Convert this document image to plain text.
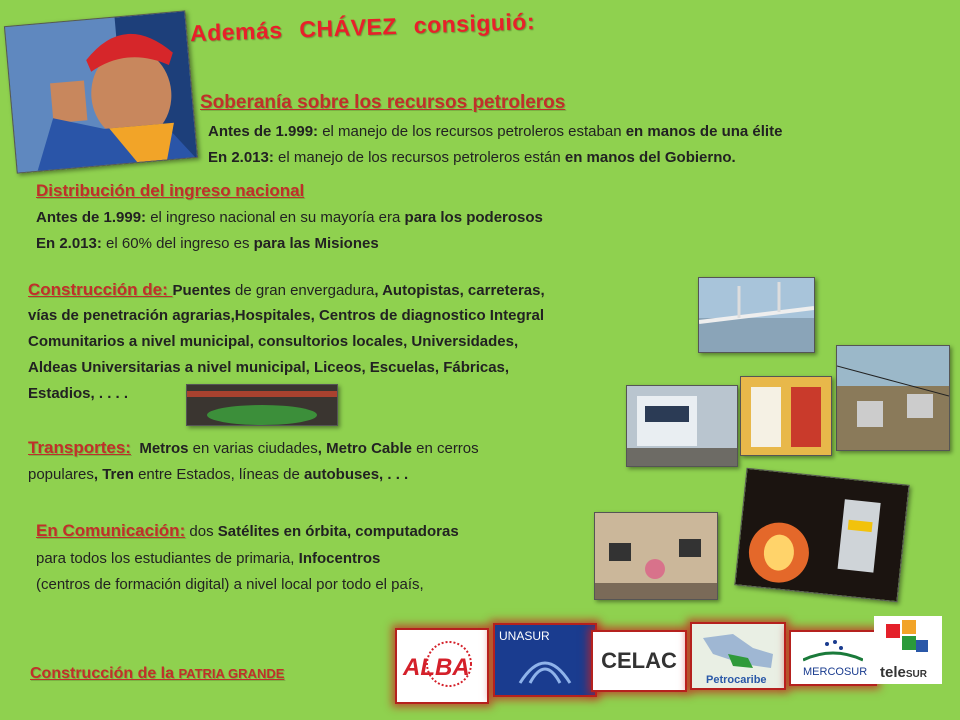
Además CHÁVEZ consiguió:
Soberanía sobre los recursos petroleros
Antes de 1.999: el manejo de los recursos petroleros estaban en manos de una élite
En 2.013: el manejo de los recursos petroleros están en manos del Gobierno.
Distribución del ingreso nacional
Antes de 1.999: el ingreso nacional en su mayoría era para los poderosos
En 2.013: el 60% del ingreso es para las Misiones
Construcción de: Puentes de gran envergadura, Autopistas, carreteras,
vías de penetración agrarias,Hospitales, Centros de diagnostico Integral
Comunitarios a nivel municipal, consultorios locales, Universidades,
Aldeas Universitarias a nivel municipal, Liceos, Escuelas, Fábricas,
Estadios, . . . .
Transportes: Metros en varias ciudades, Metro Cable en cerros
populares, Tren entre Estados, líneas de autobuses, . . .
En Comunicación: dos Satélites en órbita, computadoras
para todos los estudiantes de primaria, Infocentros
(centros de formación digital) a nivel local por todo el país,
Construcción de la PATRIA GRANDE	ALBA
UNASUR
CELAC
Petrocaribe
MERCOSUR teleSUR
